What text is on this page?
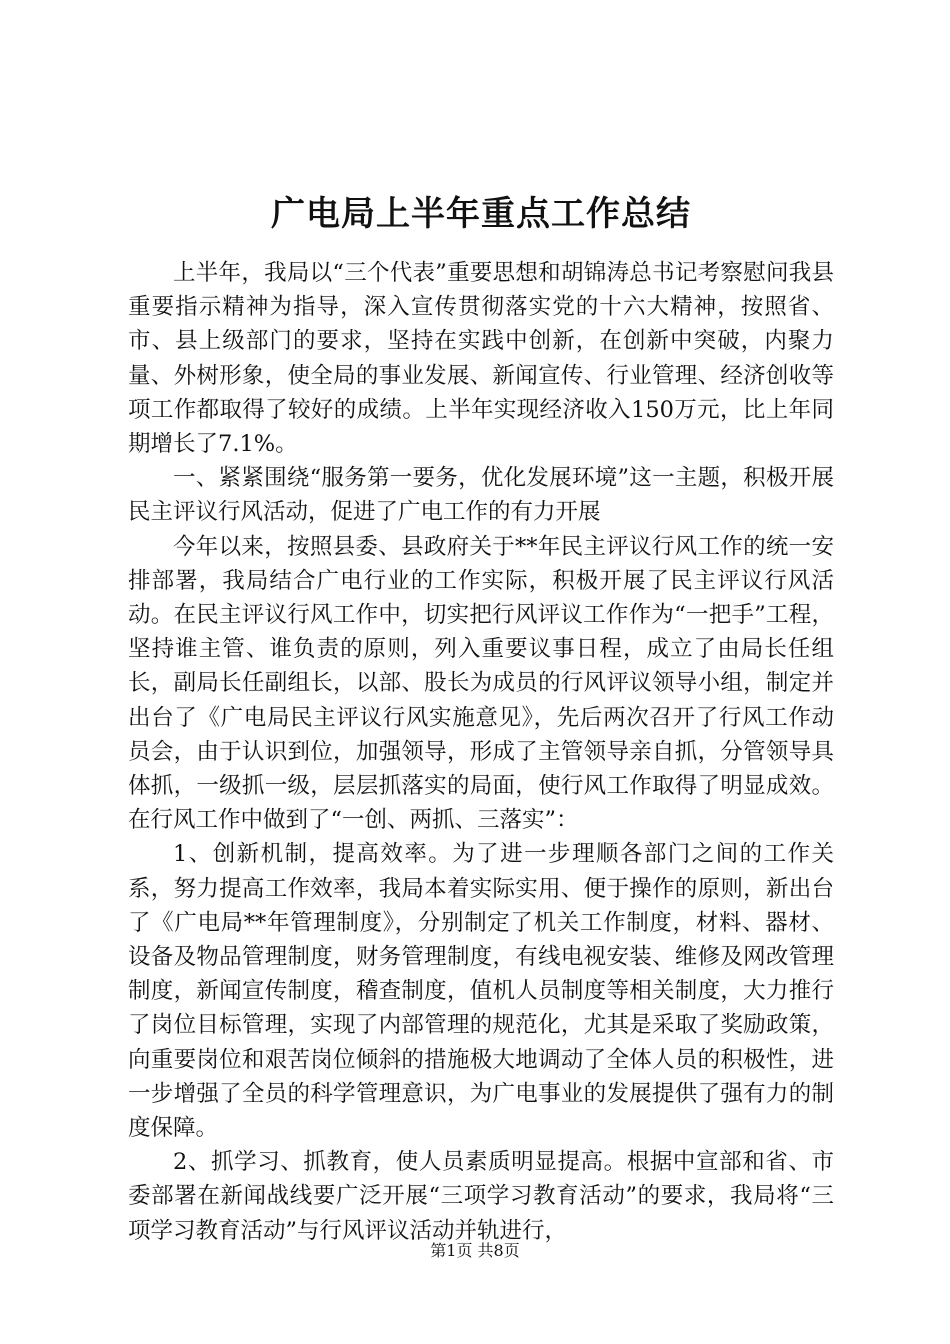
广电局上半年重点工作总结

上半年，我局以“三个代表”重要思想和胡锦涛总书记考察慰问我县重要指示精神为指导，深入宣传贯彻落实党的十六大精神，按照省、市、县上级部门的要求，坚持在实践中创新，在创新中突破，内聚力量、外树形象，使全局的事业发展、新闻宣传、行业管理、经济创收等项工作都取得了较好的成绩。上半年实现经济收入150万元，比上年同期增长了7.1%。

一、紧紧围绕“服务第一要务，优化发展环境”这一主题，积极开展民主评议行风活动，促进了广电工作的有力开展

今年以来，按照县委、县政府关于**年民主评议行风工作的统一安排部署，我局结合广电行业的工作实际，积极开展了民主评议行风活动。在民主评议行风工作中，切实把行风评议工作作为“一把手”工程，坚持谁主管、谁负责的原则，列入重要议事日程，成立了由局长任组长，副局长任副组长，以部、股长为成员的行风评议领导小组，制定并出台了《广电局民主评议行风实施意见》，先后两次召开了行风工作动员会，由于认识到位，加强领导，形成了主管领导亲自抓，分管领导具体抓，一级抓一级，层层抓落实的局面，使行风工作取得了明显成效。在行风工作中做到了“一创、两抓、三落实”：

1、创新机制，提高效率。为了进一步理顺各部门之间的工作关系，努力提高工作效率，我局本着实际实用、便于操作的原则，新出台了《广电局**年管理制度》，分别制定了机关工作制度，材料、器材、设备及物品管理制度，财务管理制度，有线电视安装、维修及网改管理制度，新闻宣传制度，稽查制度，值机人员制度等相关制度，大力推行了岗位目标管理，实现了内部管理的规范化，尤其是采取了奖励政策，向重要岗位和艰苦岗位倾斜的措施极大地调动了全体人员的积极性，进一步增强了全员的科学管理意识，为广电事业的发展提供了强有力的制度保障。

2、抓学习、抓教育，使人员素质明显提高。根据中宣部和省、市委部署在新闻战线要广泛开展“三项学习教育活动”的要求，我局将“三项学习教育活动”与行风评议活动并轨进行，

第1页 共8页
